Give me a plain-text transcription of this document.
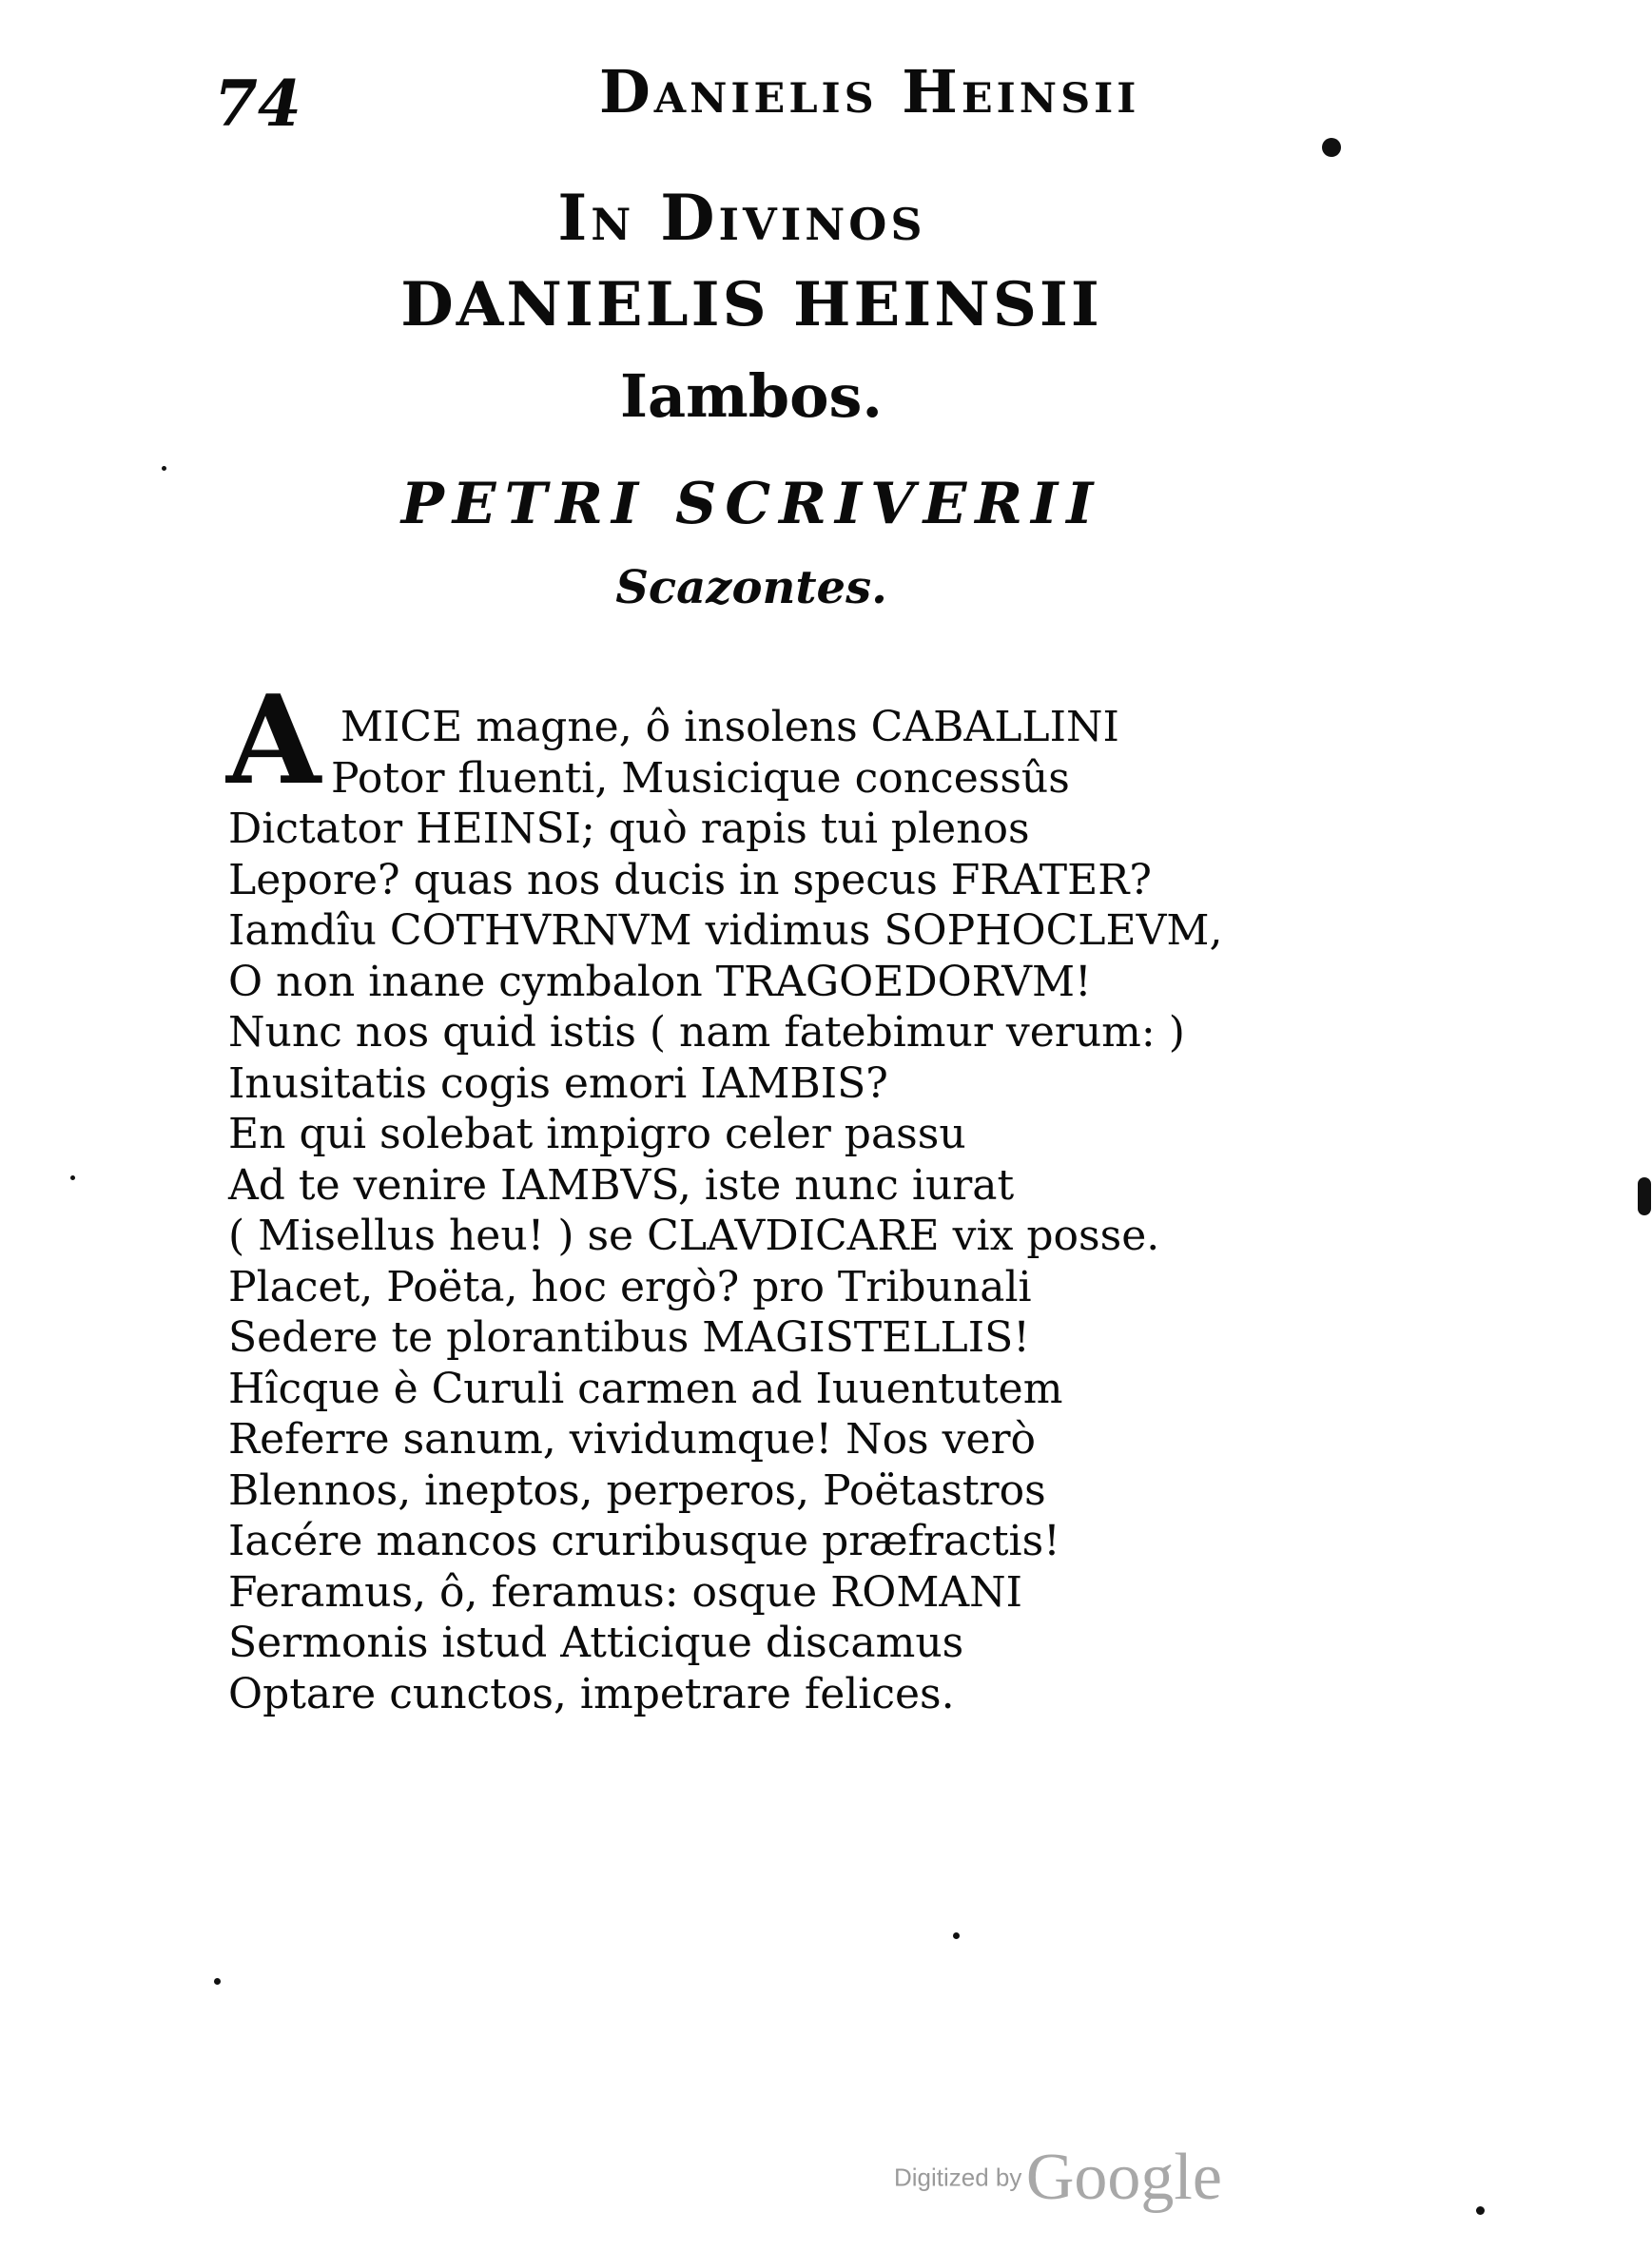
74	Danielis Heinsii
In Divinos
DANIELIS HEINSII
Iambos.
PETRI SCRIVERII
Scazontes.
A MICE magne, ô insolens CABALLINI
Potor fluenti, Musicique concessûs
Dictator HEINSI; quò rapis tui plenos
Lepore? quas nos ducis in specus FRATER?
Iamdîu COTHVRNVM vidimus SOPHOCLEVM,
O non inane cymbalon TRAGOEDORVM!
Nunc nos quid istis ( nam fatebimur verum: )
Inusitatis cogis emori IAMBIS?
En qui solebat impigro celer passu
Ad te venire IAMBVS, iste nunc iurat
( Misellus heu! ) se CLAVDICARE vix posse.
Placet, Poëta, hoc ergò? pro Tribunali
Sedere te plorantibus MAGISTELLIS!
Hîcque è Curuli carmen ad Iuuentutem
Referre sanum, vividumque! Nos verò
Blennos, ineptos, perperos, Poëtastros
Iacére mancos cruribusque præfractis!
Feramus, ô, feramus: osque ROMANI
Sermonis istud Atticique discamus
Optare cunctos, impetrare felices.
Digitized by Google
